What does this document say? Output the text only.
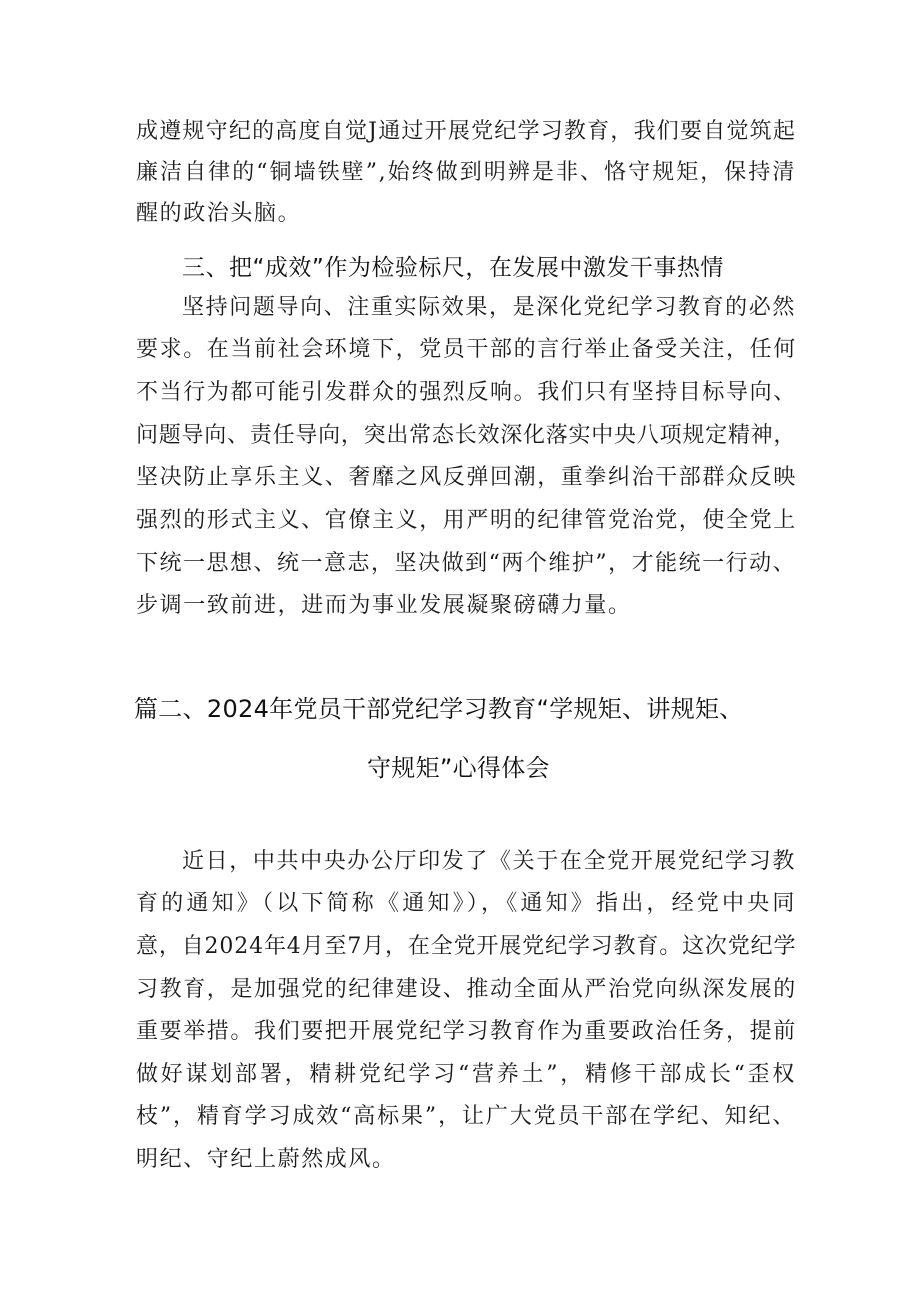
成遵规守纪的高度自觉J通过开展党纪学习教育，我们要自觉筑起
廉洁自律的“铜墙铁壁”,始终做到明辨是非、恪守规矩，保持清
醒的政治头脑。
三、把“成效”作为检验标尺，在发展中激发干事热情
坚持问题导向、注重实际效果，是深化党纪学习教育的必然
要求。在当前社会环境下，党员干部的言行举止备受关注，任何
不当行为都可能引发群众的强烈反响。我们只有坚持目标导向、
问题导向、责任导向，突出常态长效深化落实中央八项规定精神，
坚决防止享乐主义、奢靡之风反弹回潮，重拳纠治干部群众反映
强烈的形式主义、官僚主义，用严明的纪律管党治党，使全党上
下统一思想、统一意志，坚决做到“两个维护”，才能统一行动、
步调一致前进，进而为事业发展凝聚磅礴力量。
篇二、2024年党员干部党纪学习教育“学规矩、讲规矩、
守规矩”心得体会
近日，中共中央办公厅印发了《关于在全党开展党纪学习教
育的通知》（以下简称《通知》），《通知》指出，经党中央同
意，自2024年4月至7月，在全党开展党纪学习教育。这次党纪学
习教育，是加强党的纪律建设、推动全面从严治党向纵深发展的
重要举措。我们要把开展党纪学习教育作为重要政治任务，提前
做好谋划部署，精耕党纪学习“营养土”，精修干部成长“歪权
枝”，精育学习成效“高标果”，让广大党员干部在学纪、知纪、
明纪、守纪上蔚然成风。
